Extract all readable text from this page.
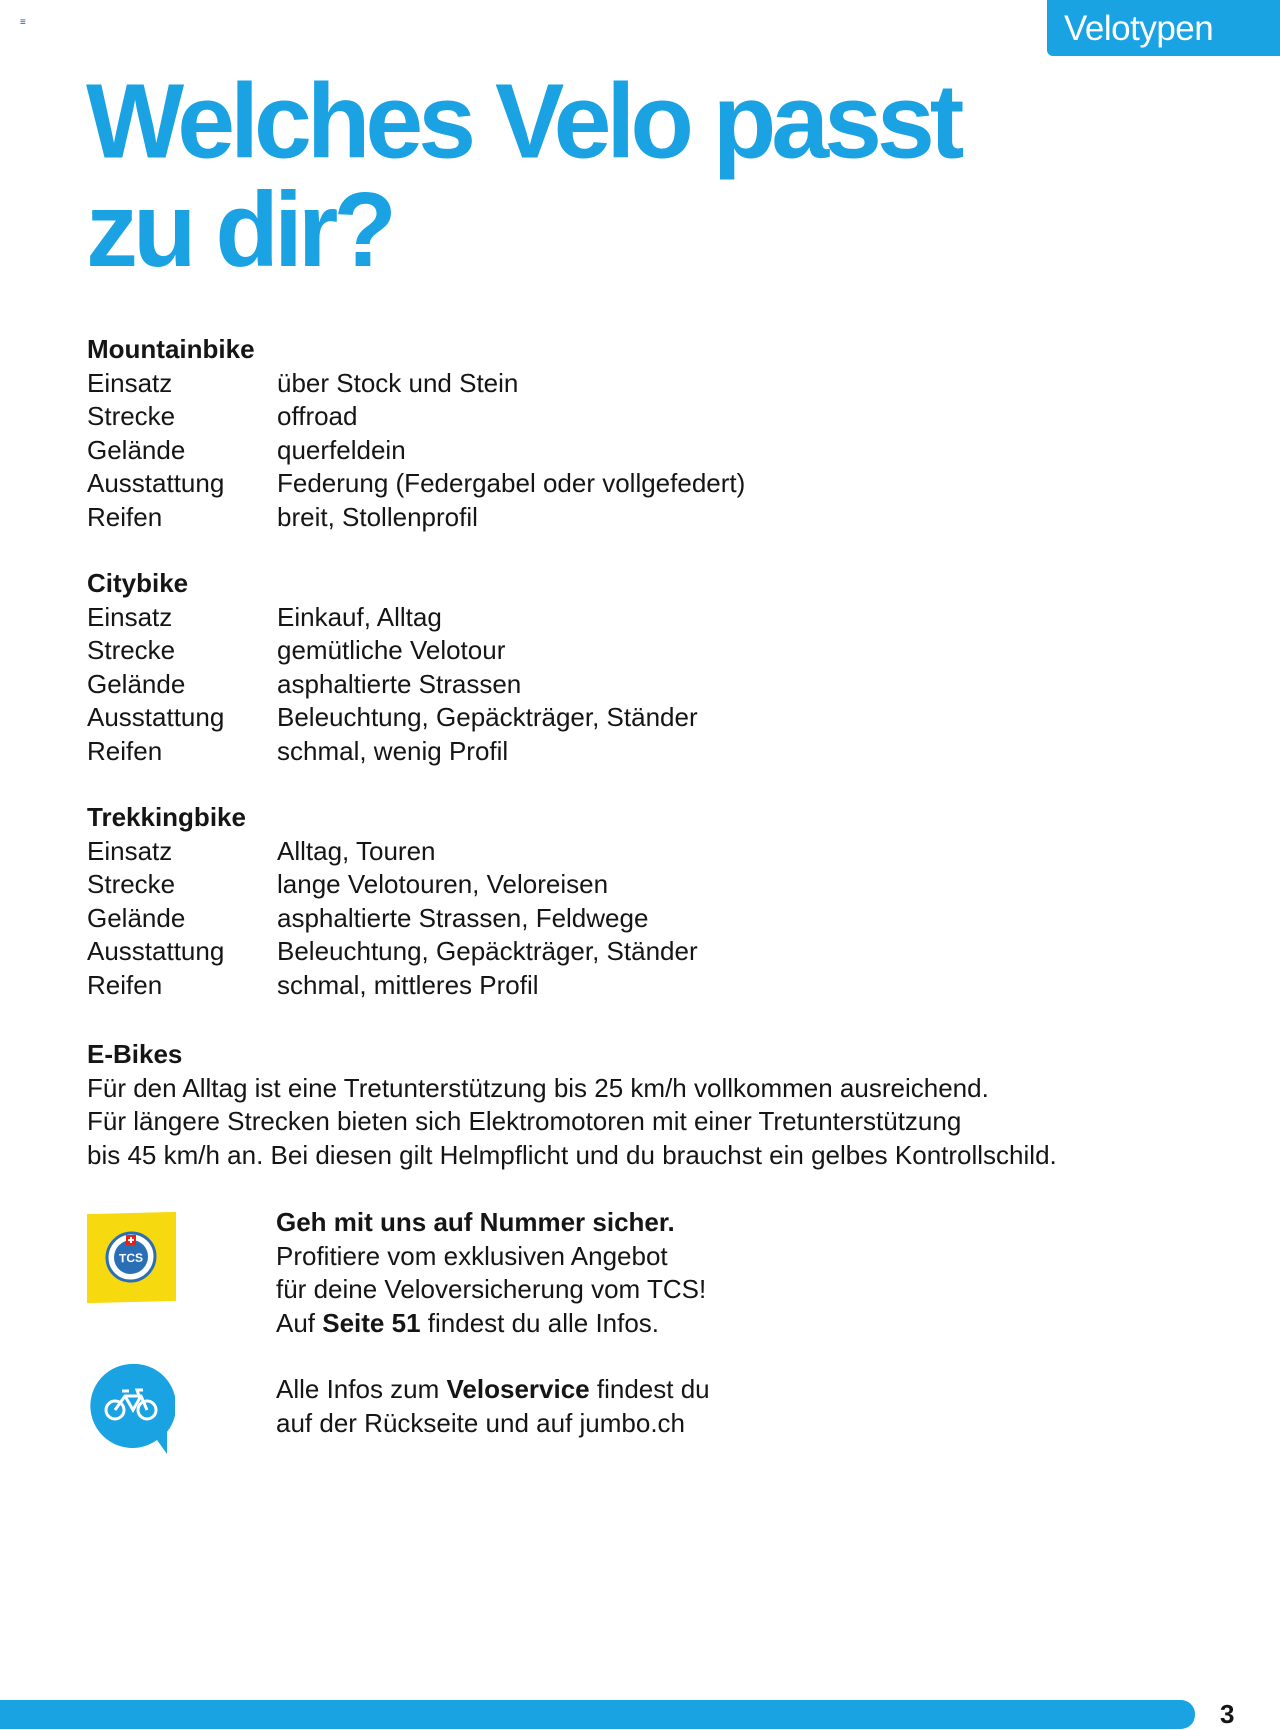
≡	Velotypen
Welches Velo passt
zu dir?
Mountainbike
Einsatz	über Stock und Stein
Strecke	offroad
Gelände	querfeldein
Ausstattung	Federung (Federgabel oder vollgefedert)
Reifen	breit, Stollenprofil
Citybike
Einsatz	Einkauf, Alltag
Strecke	gemütliche Velotour
Gelände	asphaltierte Strassen
Ausstattung	Beleuchtung, Gepäckträger, Ständer
Reifen	schmal, wenig Profil
Trekkingbike
Einsatz	Alltag, Touren
Strecke	lange Velotouren, Veloreisen
Gelände	asphaltierte Strassen, Feldwege
Ausstattung	Beleuchtung, Gepäckträger, Ständer
Reifen	schmal, mittleres Profil
E-Bikes
Für den Alltag ist eine Tretunterstützung bis 25 km/h vollkommen ausreichend.
Für längere Strecken bieten sich Elektromotoren mit einer Tretunterstützung
bis 45 km/h an. Bei diesen gilt Helmpflicht und du brauchst ein gelbes Kontrollschild.
TCS
Geh mit uns auf Nummer sicher.
Profitiere vom exklusiven Angebot
für deine Veloversicherung vom TCS!
Auf Seite 51 findest du alle Infos.
Alle Infos zum Veloservice findest du
auf der Rückseite und auf jumbo.ch
3
